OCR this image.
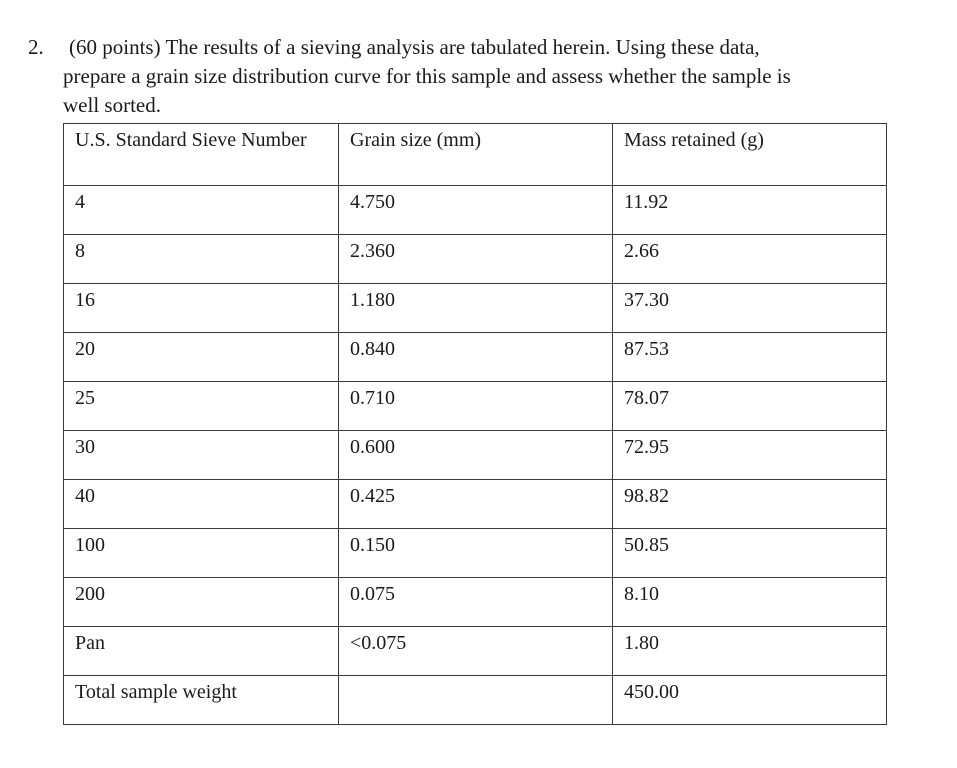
2. (60 points) The results of a sieving analysis are tabulated herein. Using these data,
prepare a grain size distribution curve for this sample and assess whether the sample is
well sorted.
U.S. Standard Sieve Number	Grain size (mm)	Mass retained (g)
4	4.750	11.92
8	2.360	2.66
16	1.180	37.30
20	0.840	87.53
25	0.710	78.07
30	0.600	72.95
40	0.425	98.82
100	0.150	50.85
200	0.075	8.10
Pan	<0.075	1.80
Total sample weight		450.00
